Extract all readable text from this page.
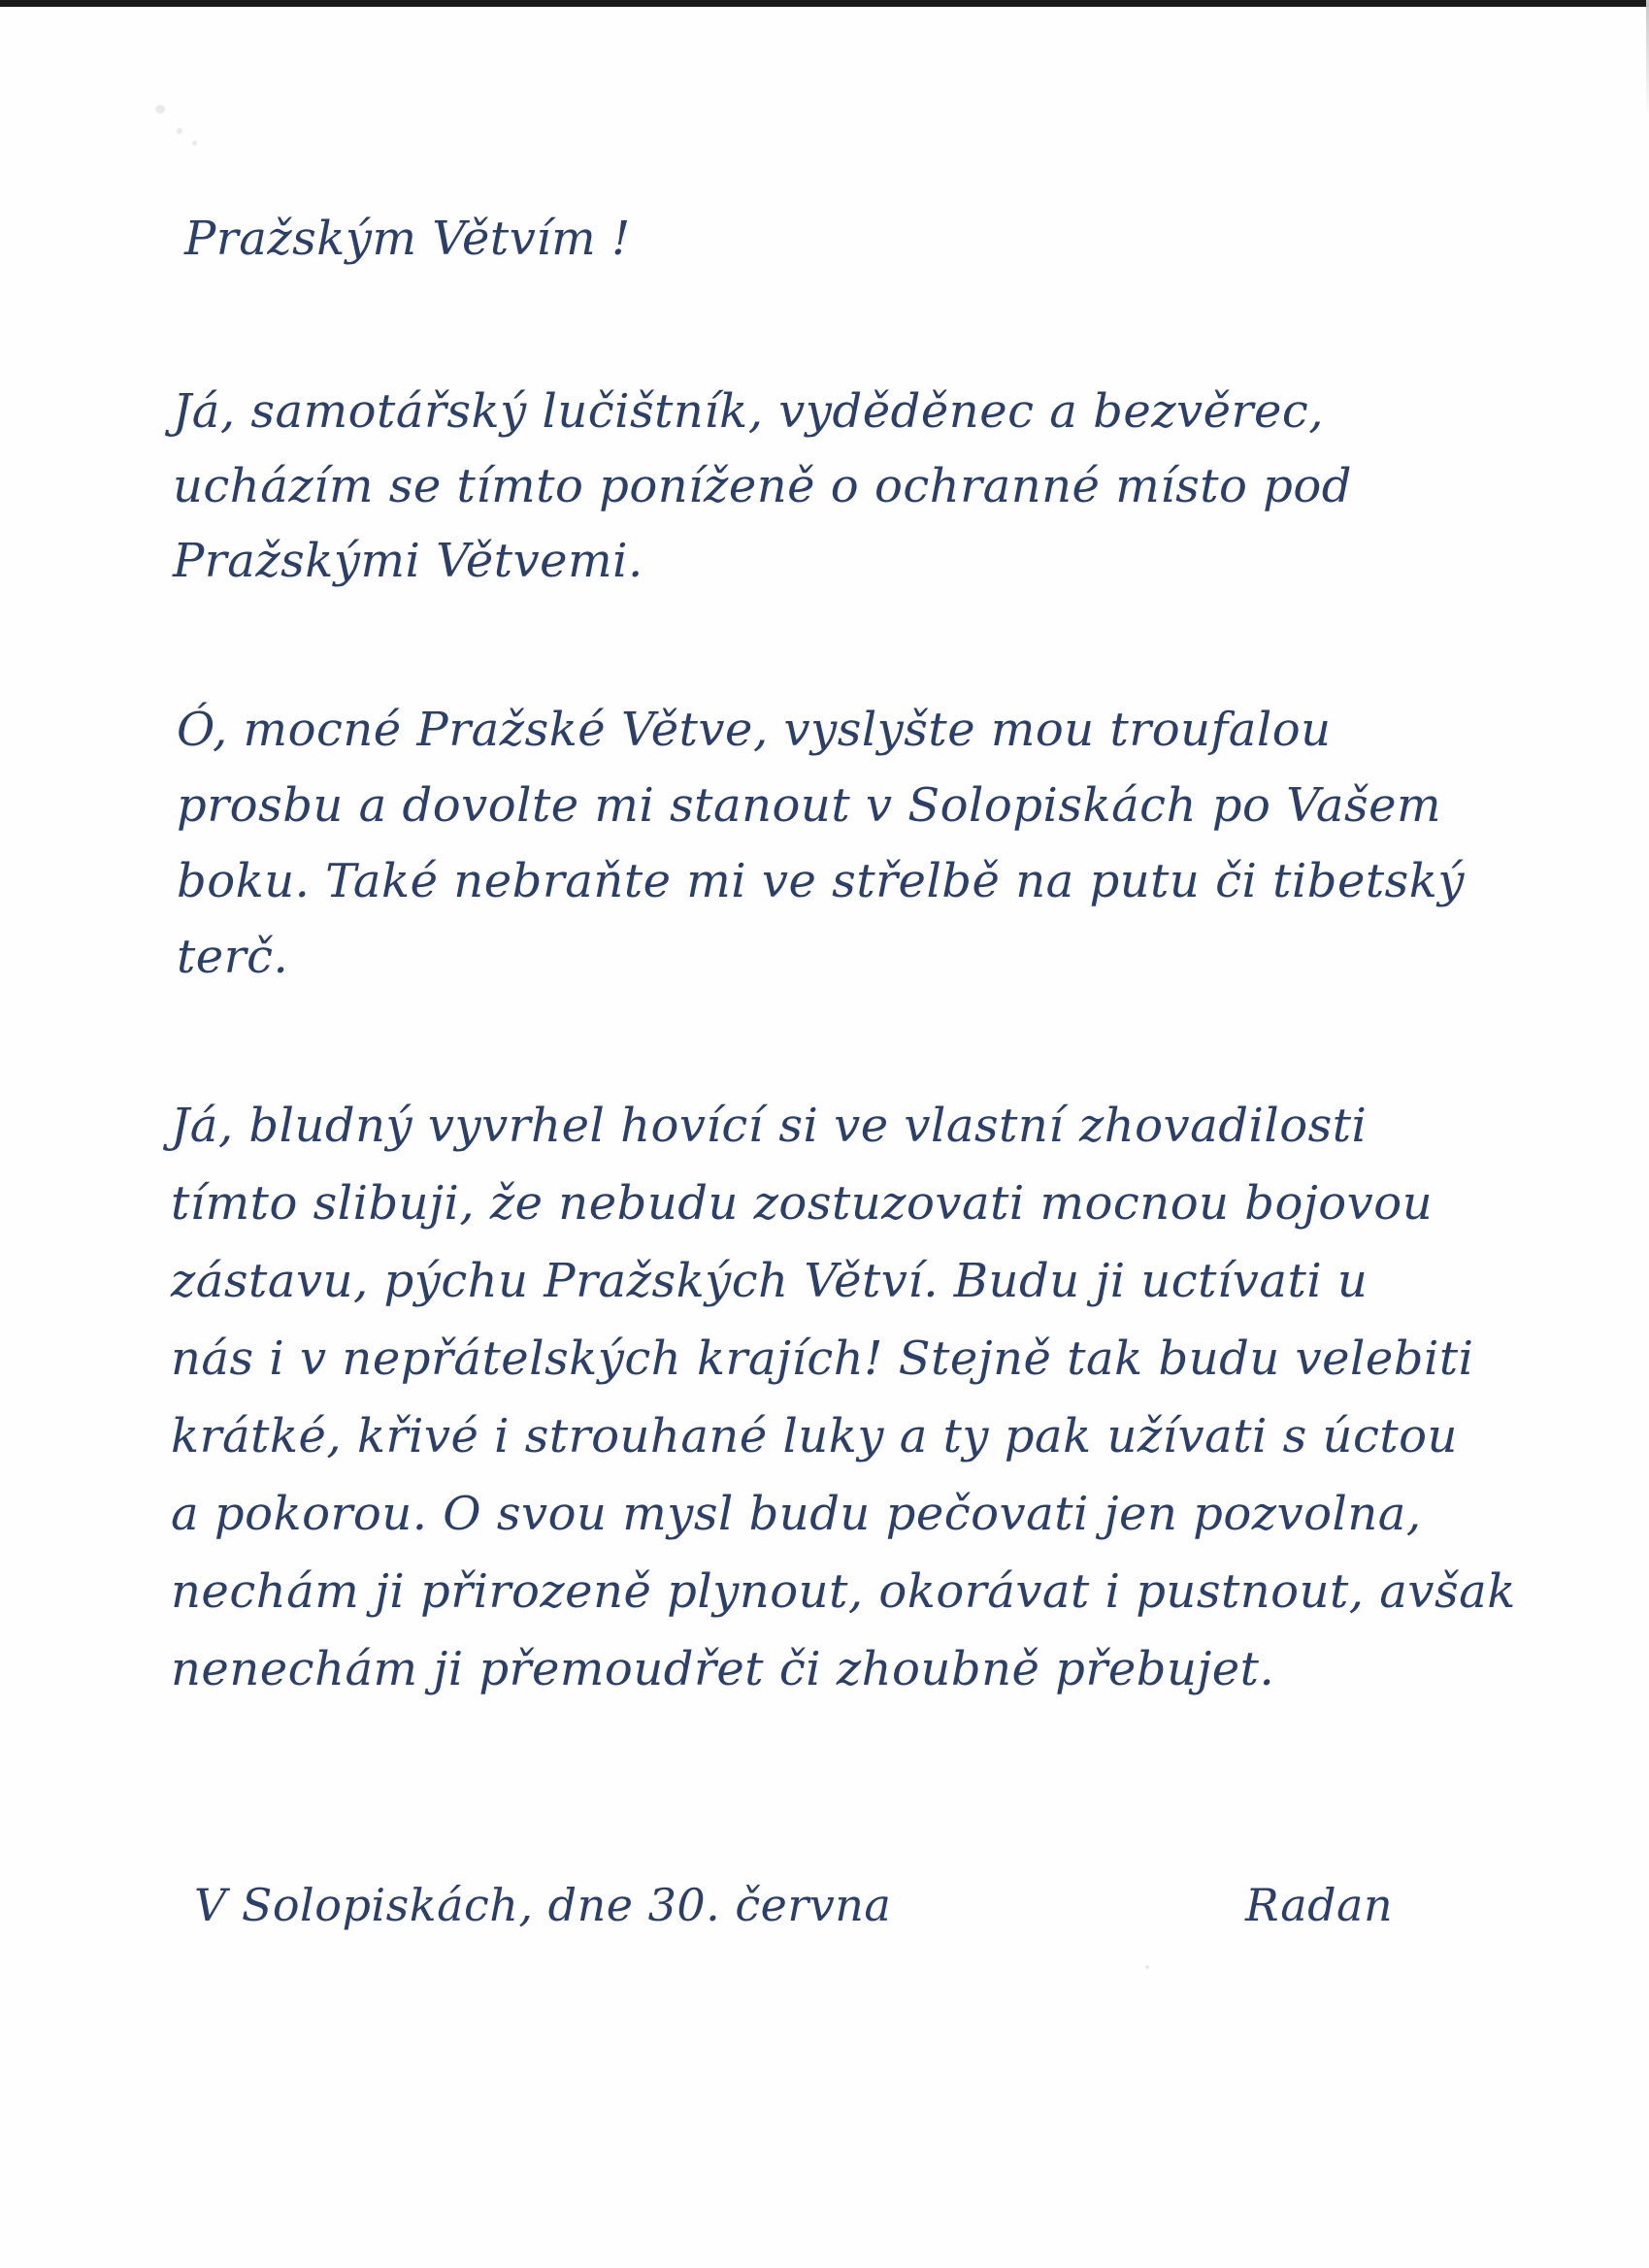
Pražským Větvím !

Já, samotářský lučištník, vyděděnec a bezvěrec,

ucházím se tímto poníženě o ochranné místo pod

Pražskými Větvemi.

Ó, mocné Pražské Větve, vyslyšte mou troufalou

prosbu a dovolte mi stanout v Solopiskách po Vašem

boku. Také nebraňte mi ve střelbě na putu či tibetský

terč.

Já, bludný vyvrhel hovící si ve vlastní zhovadilosti

tímto slibuji, že nebudu zostuzovati mocnou bojovou

zástavu, pýchu Pražských Větví. Budu ji uctívati u

nás i v nepřátelských krajích! Stejně tak budu velebiti

krátké, křivé i strouhané luky a ty pak užívati s úctou

a pokorou. O svou mysl budu pečovati jen pozvolna,

nechám ji přirozeně plynout, okorávat i pustnout, avšak

nenechám ji přemoudřet či zhoubně přebujet.

V Solopiskách, dne 30. června	Radan
